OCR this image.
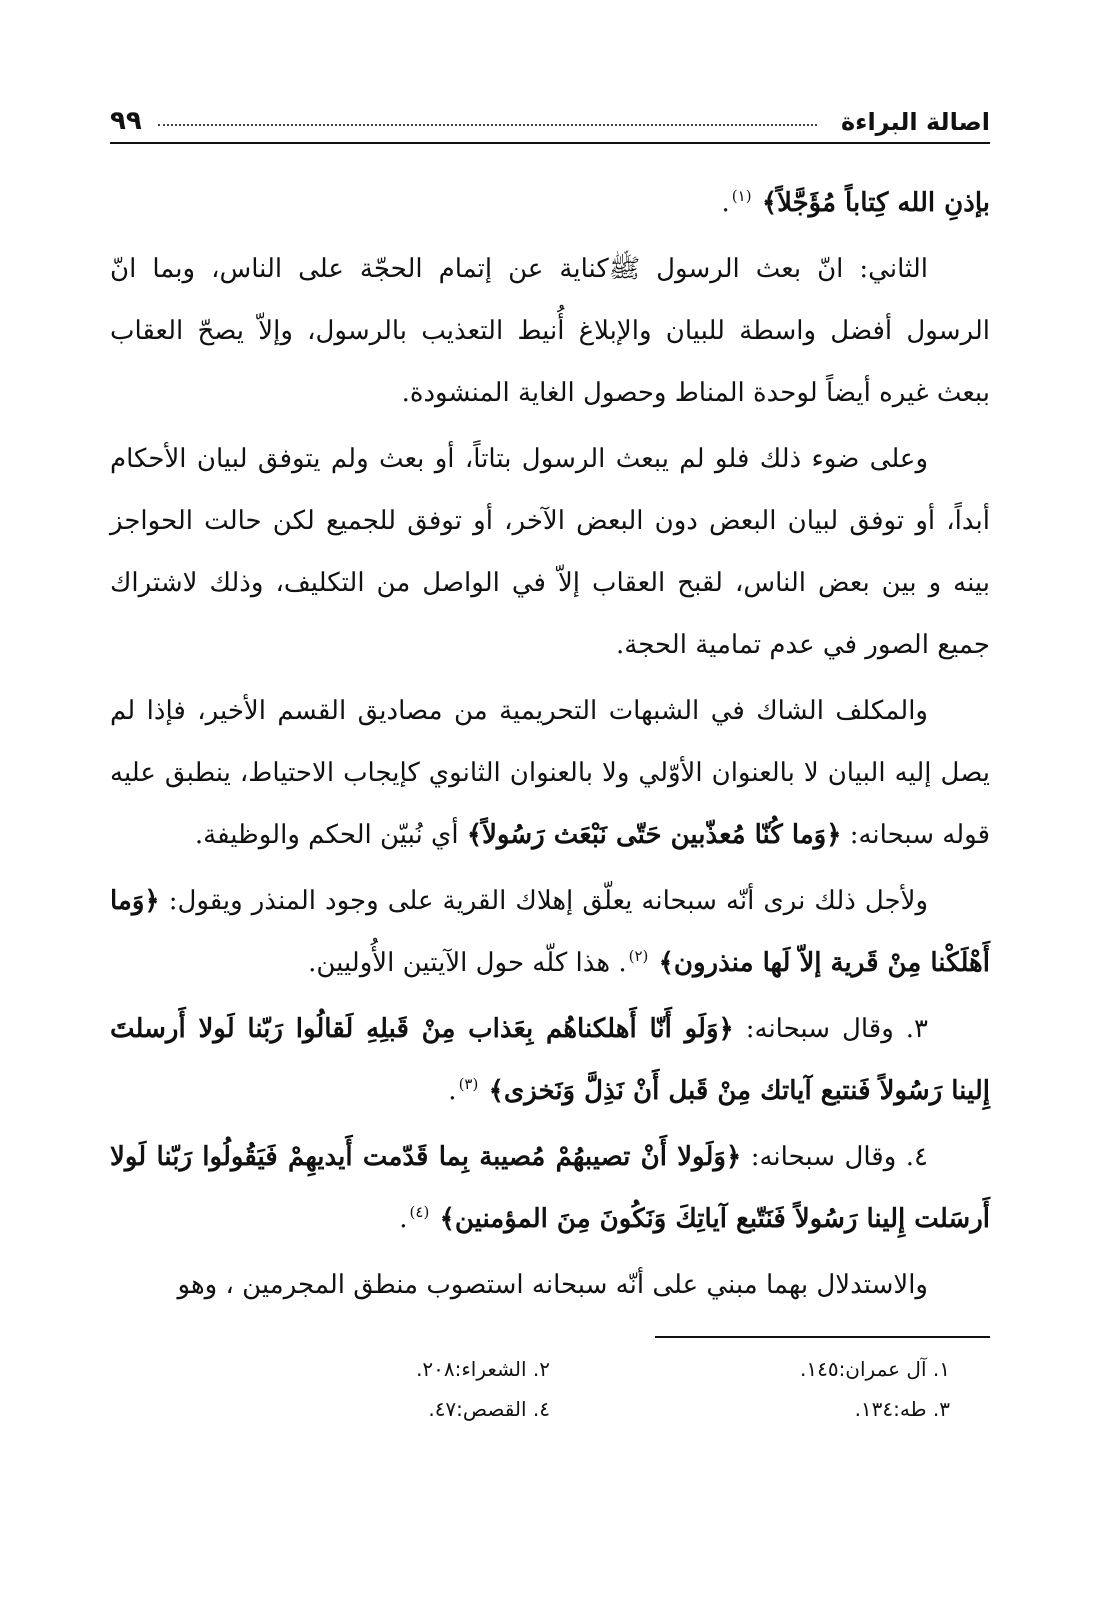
اصالة البراءة
٩٩

بإذنِ الله كِتاباً مُؤَجَّلاً﴾ $^{(١)}$.

الثاني: انّ بعث الرسول ﷺكناية عن إتمام الحجّة على الناس، وبما انّ الرسول أفضل واسطة للبيان والإبلاغ أُنيط التعذيب بالرسول، وإلاّ يصحّ العقاب ببعث غيره أيضاً لوحدة المناط وحصول الغاية المنشودة.

وعلى ضوء ذلك فلو لم يبعث الرسول بتاتاً، أو بعث ولم يتوفق لبيان الأحكام أبداً، أو توفق لبيان البعض دون البعض الآخر، أو توفق للجميع لكن حالت الحواجز بينه و بين بعض الناس، لقبح العقاب إلاّ في الواصل من التكليف، وذلك لاشتراك جميع الصور في عدم تمامية الحجة.

والمكلف الشاك في الشبهات التحريمية من مصاديق القسم الأخير، فإذا لم يصل إليه البيان لا بالعنوان الأوّلي ولا بالعنوان الثانوي كإيجاب الاحتياط، ينطبق عليه قوله سبحانه: ﴿وَما كُنّا مُعذّبين حَتّى نَبْعَث رَسُولاً﴾ أي نُبيّن الحكم والوظيفة.

ولأجل ذلك نرى أنّه سبحانه يعلّق إهلاك القرية على وجود المنذر ويقول: ﴿وَما أَهْلَكْنا مِنْ قَرية إلاّ لَها منذرون﴾ $^{(٢)}$. هذا كلّه حول الآيتين الأُوليين.

٣. وقال سبحانه: ﴿وَلَو أَنّا أَهلكناهُم بِعَذاب مِنْ قَبلِهِ لَقالُوا رَبّنا لَولا أَرسلتَ إِلينا رَسُولاً فَنتبع آياتك مِنْ قَبل أَنْ نَذِلَّ وَنَخزى﴾ $^{(٣)}$.

٤. وقال سبحانه: ﴿وَلَولا أَنْ تصيبهُمْ مُصيبة بِما قَدّمت أَيديهِمْ فَيَقُولُوا رَبّنا لَولا أَرسَلت إِلينا رَسُولاً فَنَتّبع آياتِكَ وَنَكُونَ مِنَ المؤمنين﴾ $^{(٤)}$.

والاستدلال بهما مبني على أنّه سبحانه استصوب منطق المجرمين ، وهو

١. آل عمران:١٤٥.
٢. الشعراء:٢٠٨.
٣. طه:١٣٤.
٤. القصص:٤٧.
